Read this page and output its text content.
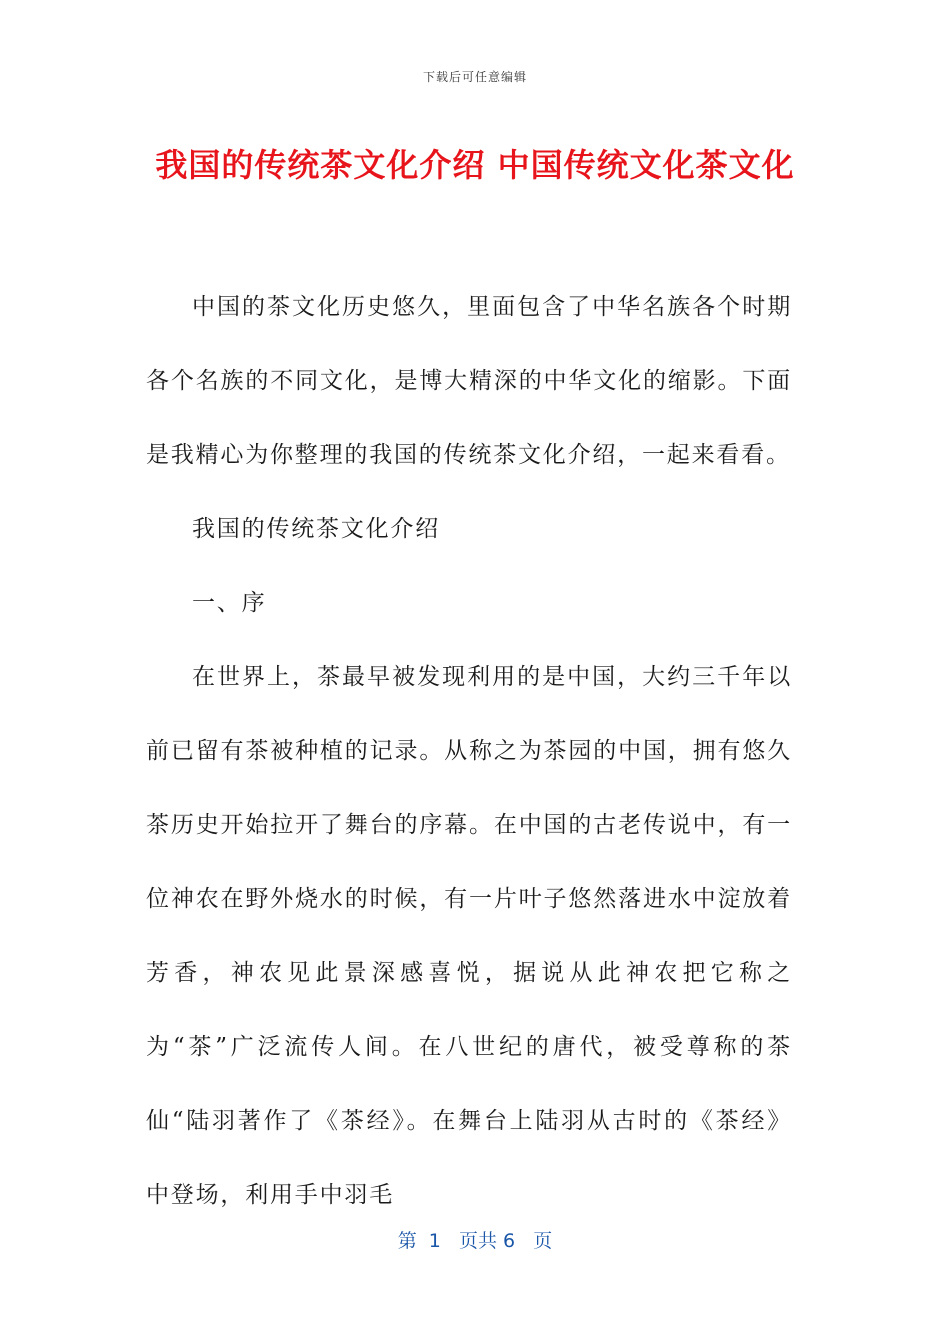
下载后可任意编辑
我国的传统茶文化介绍 中国传统文化茶文化

中国的茶文化历史悠久，里面包含了中华名族各个时期各个名族的不同文化，是博大精深的中华文化的缩影。下面是我精心为你整理的我国的传统茶文化介绍，一起来看看。

我国的传统茶文化介绍

一、序

在世界上，茶最早被发现利用的是中国，大约三千年以前已留有茶被种植的记录。从称之为茶园的中国，拥有悠久茶历史开始拉开了舞台的序幕。在中国的古老传说中，有一位神农在野外烧水的时候，有一片叶子悠然落进水中淀放着芳香，神农见此景深感喜悦，据说从此神农把它称之为“茶”广泛流传人间。在八世纪的唐代，被受尊称的茶仙“陆羽著作了《茶经》。在舞台上陆羽从古时的《茶经》中登场，利用手中羽毛

第  1   页共 6   页
